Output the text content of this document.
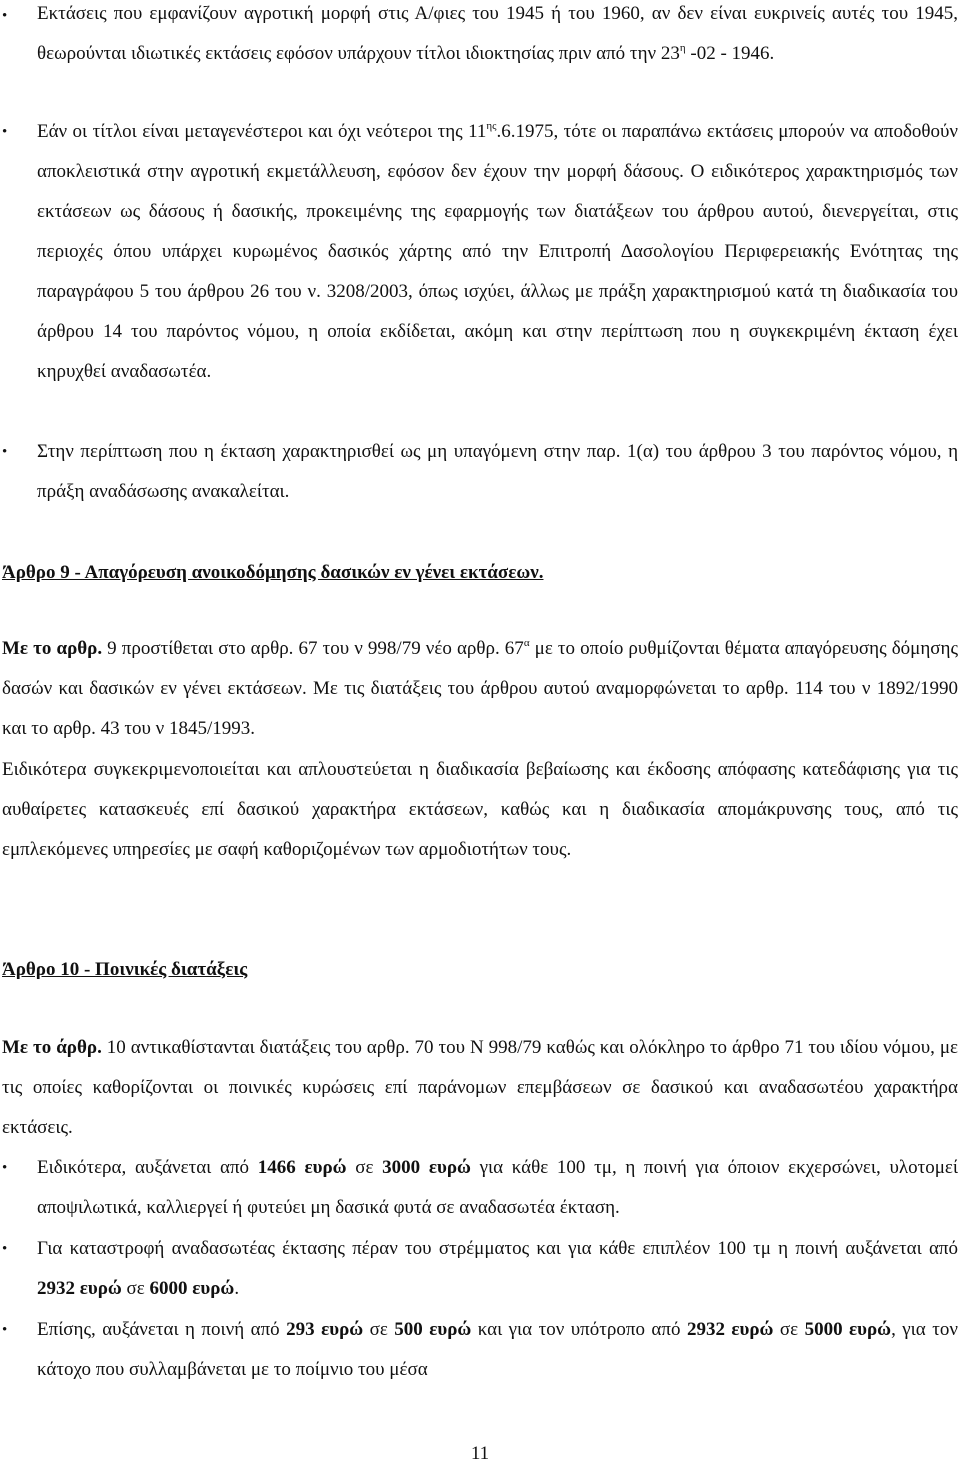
• Εκτάσεις που εμφανίζουν αγροτική μορφή στις Α/φιες του 1945 ή του 1960, αν δεν είναι ευκρινείς αυτές του 1945, θεωρούνται ιδιωτικές εκτάσεις εφόσον υπάρχουν τίτλοι ιδιοκτησίας πριν από την $23^\eta$ -02 - 1946.
• Εάν οι τίτλοι είναι μεταγενέστεροι και όχι νεότεροι της $11^{\eta\varsigma}.6.1975$, τότε οι παραπάνω εκτάσεις μπορούν να αποδοθούν αποκλειστικά στην αγροτική εκμετάλλευση, εφόσον δεν έχουν την μορφή δάσους. Ο ειδικότερος χαρακτηρισμός των εκτάσεων ως δάσους ή δασικής, προκειμένης της εφαρμογής των διατάξεων του άρθρου αυτού, διενεργείται, στις περιοχές όπου υπάρχει κυρωμένος δασικός χάρτης από την Επιτροπή Δασολογίου Περιφερειακής Ενότητας της παραγράφου 5 του άρθρου 26 του ν. 3208/2003, όπως ισχύει, άλλως με πράξη χαρακτηρισμού κατά τη διαδικασία του άρθρου 14 του παρόντος νόμου, η οποία εκδίδεται, ακόμη και στην περίπτωση που η συγκεκριμένη έκταση έχει κηρυχθεί αναδασωτέα.
• Στην περίπτωση που η έκταση χαρακτηρισθεί ως μη υπαγόμενη στην παρ. 1(α) του άρθρου 3 του παρόντος νόμου, η πράξη αναδάσωσης ανακαλείται.
Άρθρο 9 - Απαγόρευση ανοικοδόμησης δασικών εν γένει εκτάσεων.
Με το αρθρ. 9 προστίθεται στο αρθρ. 67 του ν 998/79 νέο αρθρ. $67^\alpha$ με το οποίο ρυθμίζονται θέματα απαγόρευσης δόμησης δασών και δασικών εν γένει εκτάσεων. Με τις διατάξεις του άρθρου αυτού αναμορφώνεται το αρθρ. 114 του ν 1892/1990 και το αρθρ. 43 του ν 1845/1993.
Ειδικότερα συγκεκριμενοποιείται και απλουστεύεται η διαδικασία βεβαίωσης και έκδοσης απόφασης κατεδάφισης για τις αυθαίρετες κατασκευές επί δασικού χαρακτήρα εκτάσεων, καθώς και η διαδικασία απομάκρυνσης τους, από τις εμπλεκόμενες υπηρεσίες με σαφή καθοριζομένων των αρμοδιοτήτων τους.
Άρθρο 10 - Ποινικές διατάξεις
Με το άρθρ. 10 αντικαθίστανται διατάξεις του αρθρ. 70 του Ν 998/79 καθώς και ολόκληρο το άρθρο 71 του ιδίου νόμου, με τις οποίες καθορίζονται οι ποινικές κυρώσεις επί παράνομων επεμβάσεων σε δασικού και αναδασωτέου χαρακτήρα εκτάσεις.
• Ειδικότερα, αυξάνεται από 1466 ευρώ σε 3000 ευρώ για κάθε 100 τμ, η ποινή για όποιον εκχερσώνει, υλοτομεί αποψιλωτικά, καλλιεργεί ή φυτεύει μη δασικά φυτά σε αναδασωτέα έκταση.
• Για καταστροφή αναδασωτέας έκτασης πέραν του στρέμματος και για κάθε επιπλέον 100 τμ η ποινή αυξάνεται από 2932 ευρώ σε 6000 ευρώ.
• Επίσης, αυξάνεται η ποινή από 293 ευρώ σε 500 ευρώ και για τον υπότροπο από 2932 ευρώ σε 5000 ευρώ, για τον κάτοχο που συλλαμβάνεται με το ποίμνιο του μέσα
11
